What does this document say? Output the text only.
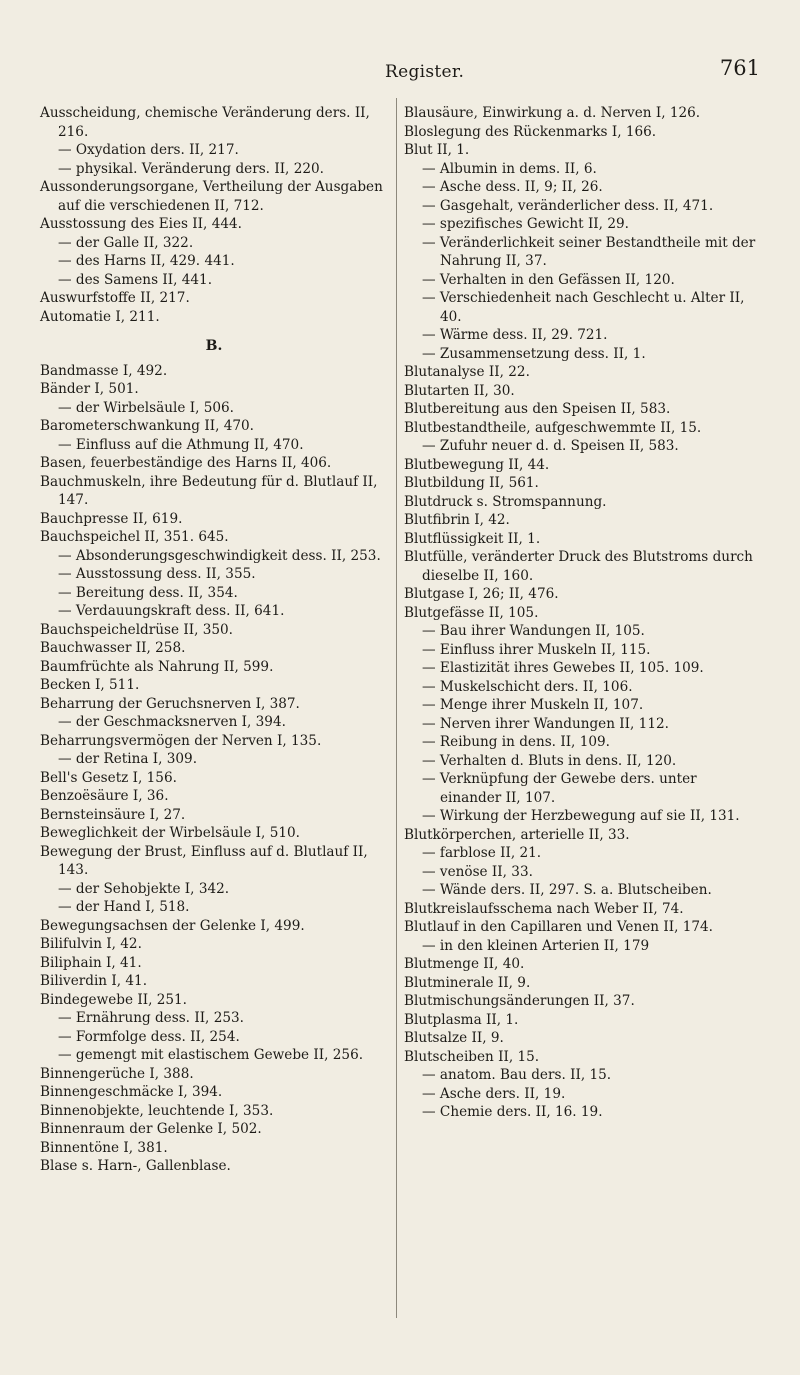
Register.	761

Ausscheidung, chemische Veränderung ders. II, 216.

— Oxydation ders. II, 217.

— physikal. Veränderung ders. II, 220.

Aussonderungsorgane, Vertheilung der Ausgaben auf die verschiedenen II, 712.

Ausstossung des Eies II, 444.

— der Galle II, 322.

— des Harns II, 429. 441.

— des Samens II, 441.

Auswurfstoffe II, 217.

Automatie I, 211.

B.

Bandmasse I, 492.

Bänder I, 501.

— der Wirbelsäule I, 506.

Barometerschwankung II, 470.

— Einfluss auf die Athmung II, 470.

Basen, feuerbeständige des Harns II, 406.

Bauchmuskeln, ihre Bedeutung für d. Blutlauf II, 147.

Bauchpresse II, 619.

Bauchspeichel II, 351. 645.

— Absonderungsgeschwindigkeit dess. II, 253.

— Ausstossung dess. II, 355.

— Bereitung dess. II, 354.

— Verdauungskraft dess. II, 641.

Bauchspeicheldrüse II, 350.

Bauchwasser II, 258.

Baumfrüchte als Nahrung II, 599.

Becken I, 511.

Beharrung der Geruchsnerven I, 387.

— der Geschmacksnerven I, 394.

Beharrungsvermögen der Nerven I, 135.

— der Retina I, 309.

Bell's Gesetz I, 156.

Benzoësäure I, 36.

Bernsteinsäure I, 27.

Beweglichkeit der Wirbelsäule I, 510.

Bewegung der Brust, Einfluss auf d. Blutlauf II, 143.

— der Sehobjekte I, 342.

— der Hand I, 518.

Bewegungsachsen der Gelenke I, 499.

Bilifulvin I, 42.

Biliphain I, 41.

Biliverdin I, 41.

Bindegewebe II, 251.

— Ernährung dess. II, 253.

— Formfolge dess. II, 254.

— gemengt mit elastischem Gewebe II, 256.

Binnengerüche I, 388.

Binnengeschmäcke I, 394.

Binnenobjekte, leuchtende I, 353.

Binnenraum der Gelenke I, 502.

Binnentöne I, 381.

Blase s. Harn-, Gallenblase.

Blausäure, Einwirkung a. d. Nerven I, 126.

Bloslegung des Rückenmarks I, 166.

Blut II, 1.

— Albumin in dems. II, 6.

— Asche dess. II, 9; II, 26.

— Gasgehalt, veränderlicher dess. II, 471.

— spezifisches Gewicht II, 29.

— Veränderlichkeit seiner Bestandtheile mit der Nahrung II, 37.

— Verhalten in den Gefässen II, 120.

— Verschiedenheit nach Geschlecht u. Alter II, 40.

— Wärme dess. II, 29. 721.

— Zusammensetzung dess. II, 1.

Blutanalyse II, 22.

Blutarten II, 30.

Blutbereitung aus den Speisen II, 583.

Blutbestandtheile, aufgeschwemmte II, 15.

— Zufuhr neuer d. d. Speisen II, 583.

Blutbewegung II, 44.

Blutbildung II, 561.

Blutdruck s. Stromspannung.

Blutfibrin I, 42.

Blutflüssigkeit II, 1.

Blutfülle, veränderter Druck des Blutstroms durch dieselbe II, 160.

Blutgase I, 26; II, 476.

Blutgefässe II, 105.

— Bau ihrer Wandungen II, 105.

— Einfluss ihrer Muskeln II, 115.

— Elastizität ihres Gewebes II, 105. 109.

— Muskelschicht ders. II, 106.

— Menge ihrer Muskeln II, 107.

— Nerven ihrer Wandungen II, 112.

— Reibung in dens. II, 109.

— Verhalten d. Bluts in dens. II, 120.

— Verknüpfung der Gewebe ders. unter einander II, 107.

— Wirkung der Herzbewegung auf sie II, 131.

Blutkörperchen, arterielle II, 33.

— farblose II, 21.

— venöse II, 33.

— Wände ders. II, 297. S. a. Blutscheiben.

Blutkreislaufsschema nach Weber II, 74.

Blutlauf in den Capillaren und Venen II, 174.

— in den kleinen Arterien II, 179

Blutmenge II, 40.

Blutminerale II, 9.

Blutmischungsänderungen II, 37.

Blutplasma II, 1.

Blutsalze II, 9.

Blutscheiben II, 15.

— anatom. Bau ders. II, 15.

— Asche ders. II, 19.

— Chemie ders. II, 16. 19.
